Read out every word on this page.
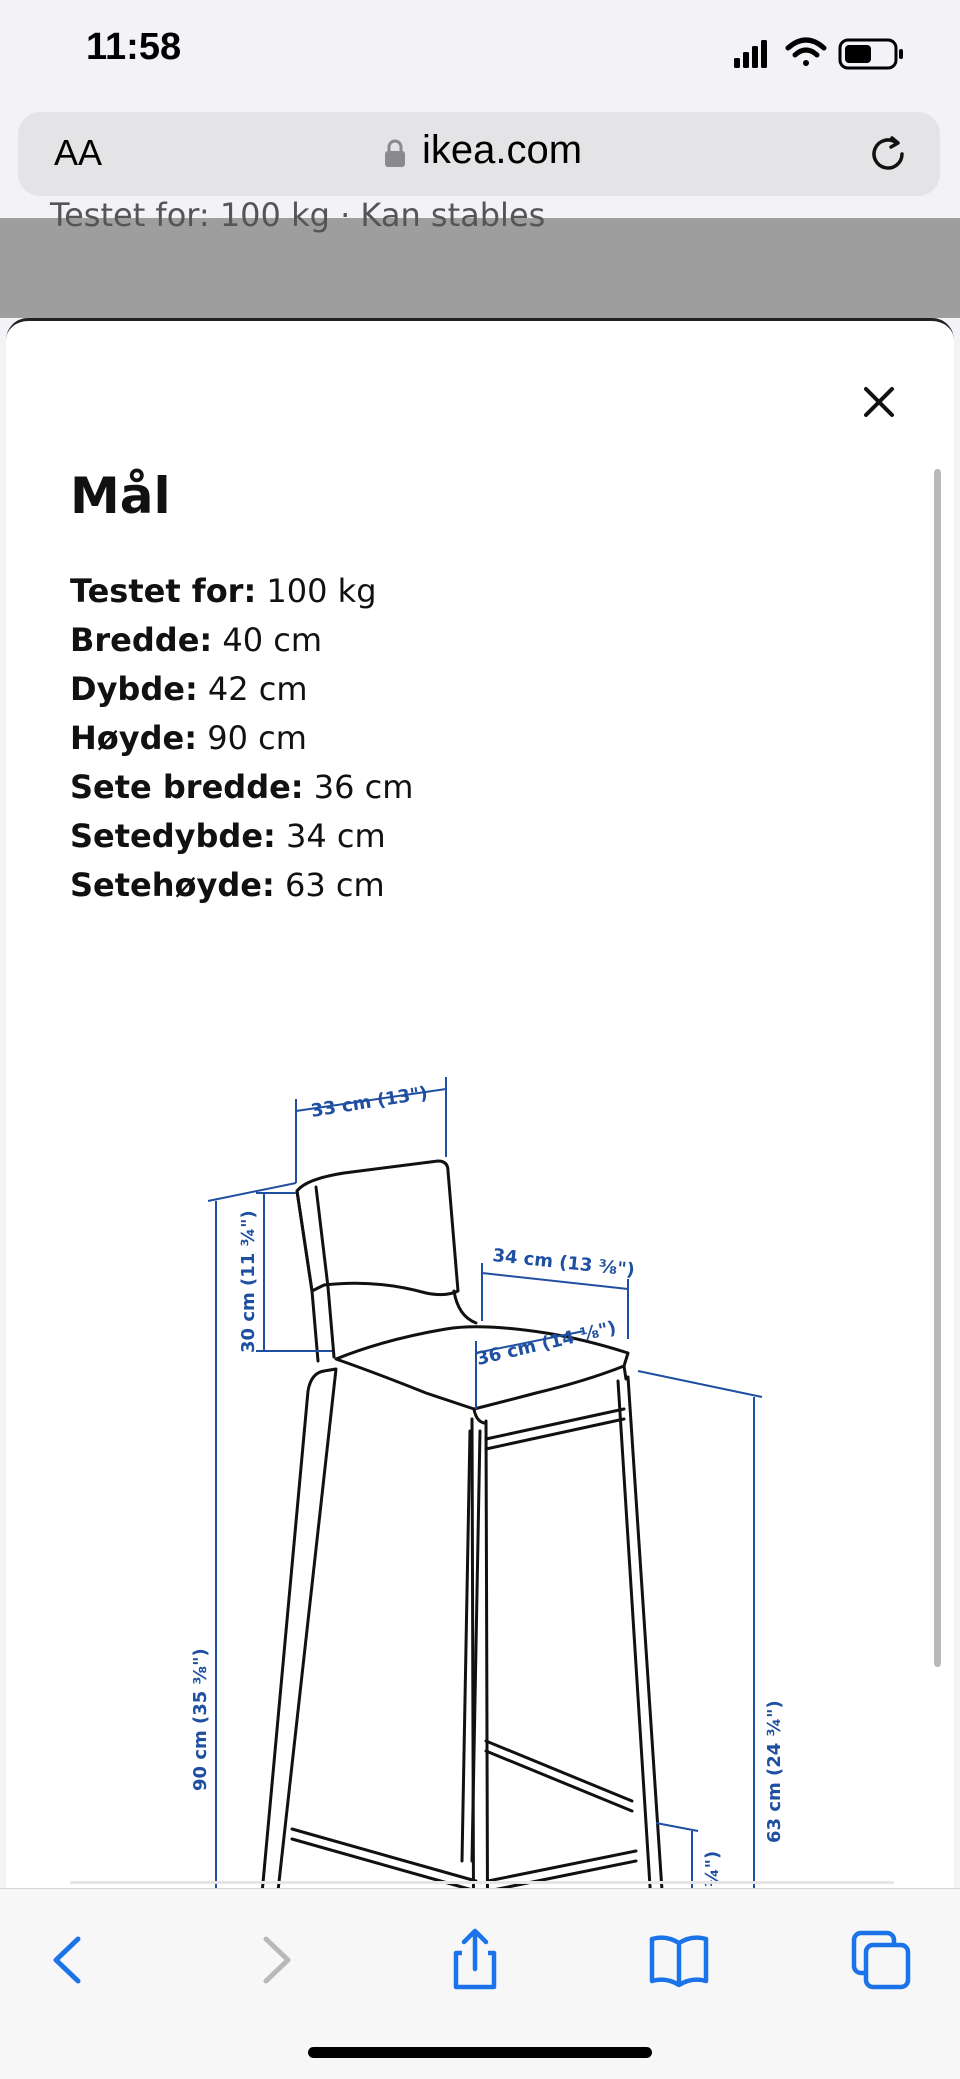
11:58
AA	ikea.com
Testet for: 100 kg · Kan stables
Mål
Testet for: 100 kg
Bredde: 40 cm
Dybde: 42 cm
Høyde: 90 cm
Sete bredde: 36 cm
Setedybde: 34 cm
Setehøyde: 63 cm
33 cm (13")
30 cm (11 ¾")	34 cm (13 ⅜")
36 cm (14 ⅛")
90 cm (35 ⅜")	63 cm (24 ¾")
